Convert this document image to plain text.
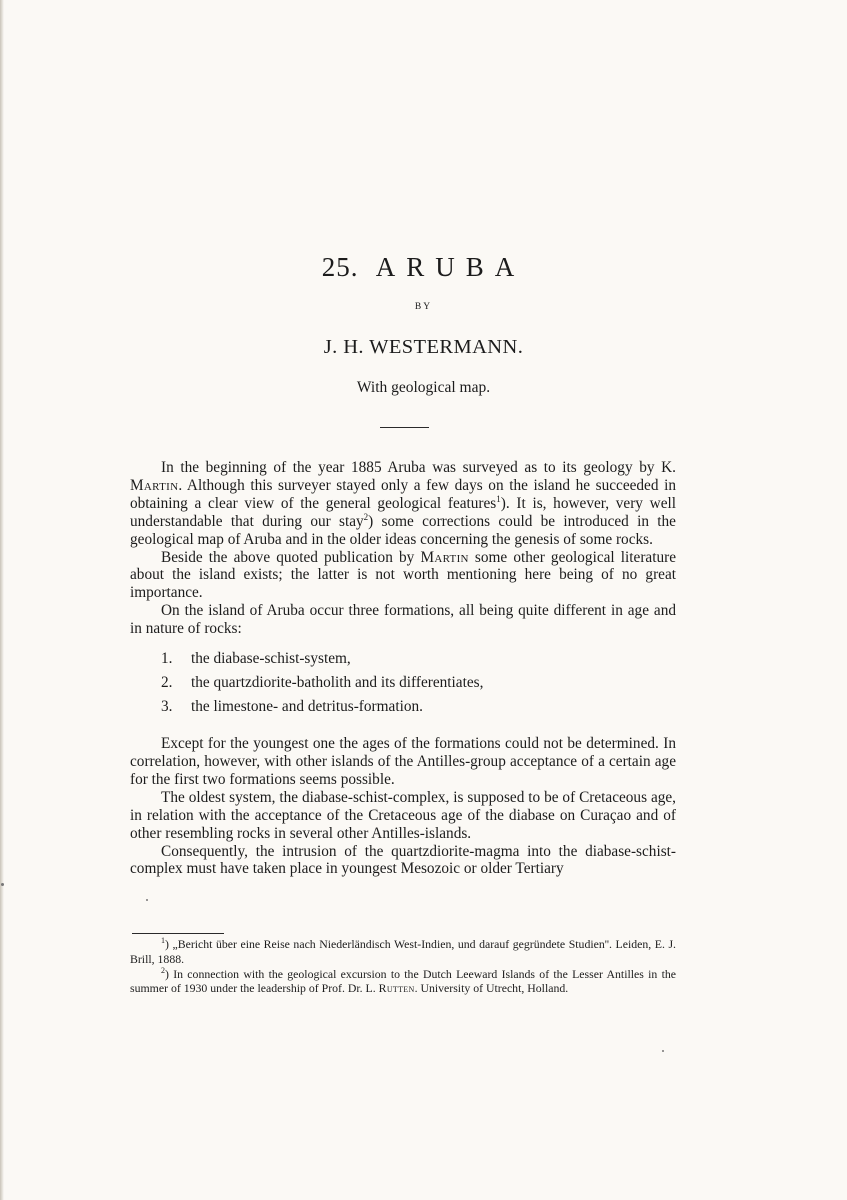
25. ARUBA
BY
J. H. WESTERMANN.
With geological map.

In the beginning of the year 1885 Aruba was surveyed as to its geology by K. Martin. Although this surveyer stayed only a few days on the island he succeeded in obtaining a clear view of the general geological features$^1$). It is, however, very well understandable that during our stay$^2$) some corrections could be introduced in the geological map of Aruba and in the older ideas concerning the genesis of some rocks.

Beside the above quoted publication by Martin some other geological literature about the island exists; the latter is not worth mentioning here being of no great importance.

On the island of Aruba occur three formations, all being quite different in age and in nature of rocks:

1. the diabase-schist-system,
2. the quartzdiorite-batholith and its differentiates,
3. the limestone- and detritus-formation.

Except for the youngest one the ages of the formations could not be determined. In correlation, however, with other islands of the Antilles-group acceptance of a certain age for the first two formations seems possible.

The oldest system, the diabase-schist-complex, is supposed to be of Cretaceous age, in relation with the acceptance of the Cretaceous age of the diabase on Curaçao and of other resembling rocks in several other Antilles-islands.

Consequently, the intrusion of the quartzdiorite-magma into the diabase-schist-complex must have taken place in youngest Mesozoic or older Tertiary

$^1$) „Bericht über eine Reise nach Niederländisch West-Indien, und darauf gegründete Studien''. Leiden, E. J. Brill, 1888.

$^2$) In connection with the geological excursion to the Dutch Leeward Islands of the Lesser Antilles in the summer of 1930 under the leadership of Prof. Dr. L. Rutten. University of Utrecht, Holland.
